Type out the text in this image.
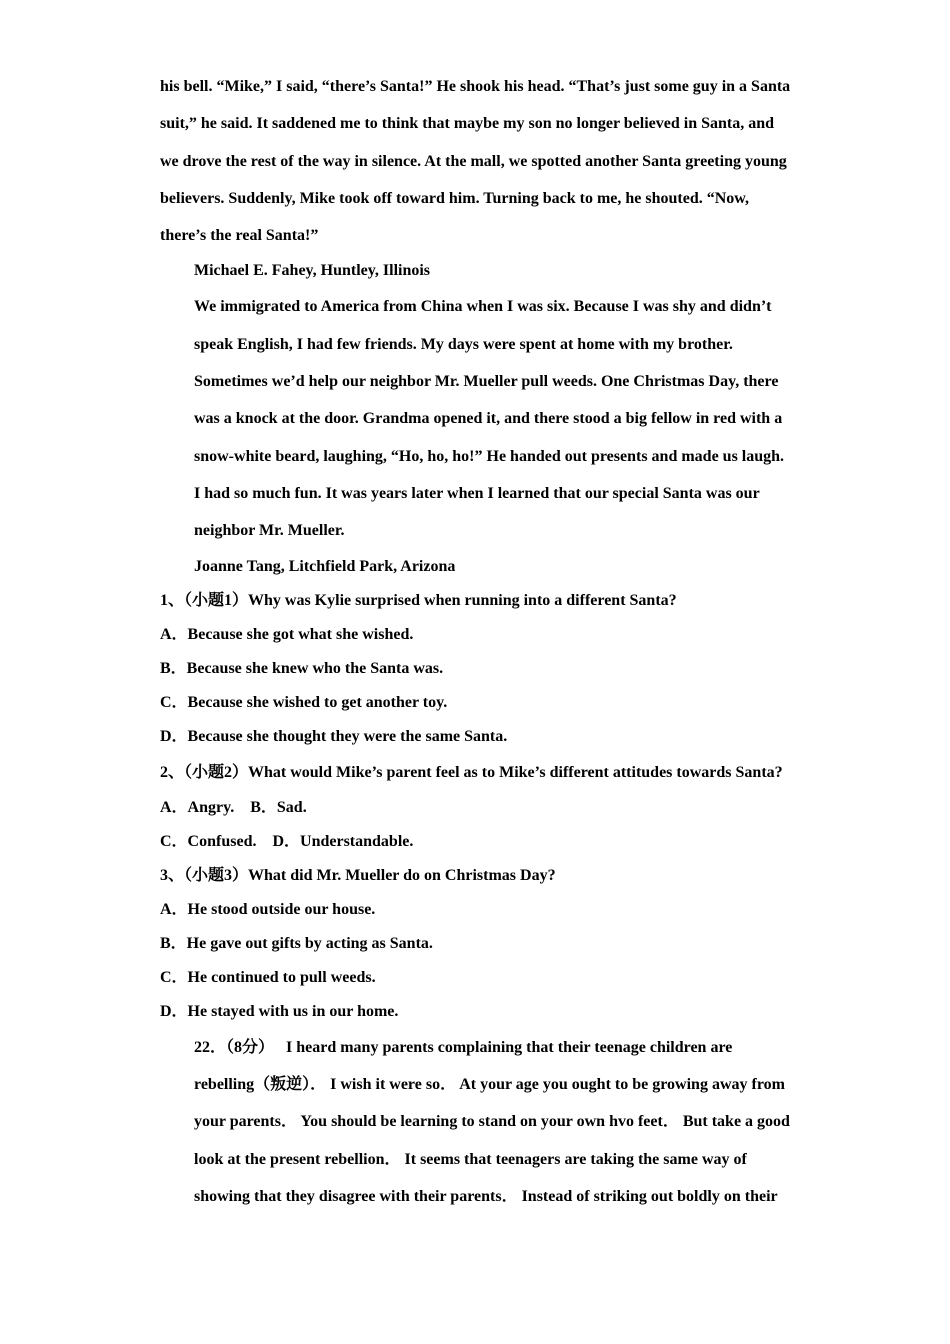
his bell. “Mike,” I said, “there’s Santa!” He shook his head. “That’s just some guy in a Santa suit,” he said. It saddened me to think that maybe my son no longer believed in Santa, and we drove the rest of the way in silence. At the mall, we spotted another Santa greeting young believers. Suddenly, Mike took off toward him. Turning back to me, he shouted. “Now, there’s the real Santa!”

Michael E. Fahey, Huntley, Illinois

We immigrated to America from China when I was six. Because I was shy and didn’t speak English, I had few friends. My days were spent at home with my brother. Sometimes we’d help our neighbor Mr. Mueller pull weeds. One Christmas Day, there was a knock at the door. Grandma opened it, and there stood a big fellow in red with a snow-white beard, laughing, “Ho, ho, ho!” He handed out presents and made us laugh. I had so much fun. It was years later when I learned that our special Santa was our neighbor Mr. Mueller.

Joanne Tang, Litchfield Park, Arizona

1、（小题1）Why was Kylie surprised when running into a different Santa?

A．Because she got what she wished.

B．Because she knew who the Santa was.

C．Because she wished to get another toy.

D．Because she thought they were the same Santa.

2、（小题2）What would Mike’s parent feel as to Mike’s different attitudes towards Santa?

A．Angry.　B．Sad.

C．Confused.　D．Understandable.

3、（小题3）What did Mr. Mueller do on Christmas Day?

A．He stood outside our house.

B．He gave out gifts by acting as Santa.

C．He continued to pull weeds.

D．He stayed with us in our home.

22．（8分）　 I heard many parents complaining that their teenage children are rebelling（叛逆）． I wish it were so． At your age you ought to be growing away from your parents． You should be learning to stand on your own hvo feet． But take a good look at the present rebellion． It seems that teenagers are taking the same way of showing that they disagree with their parents． Instead of striking out boldly on their
